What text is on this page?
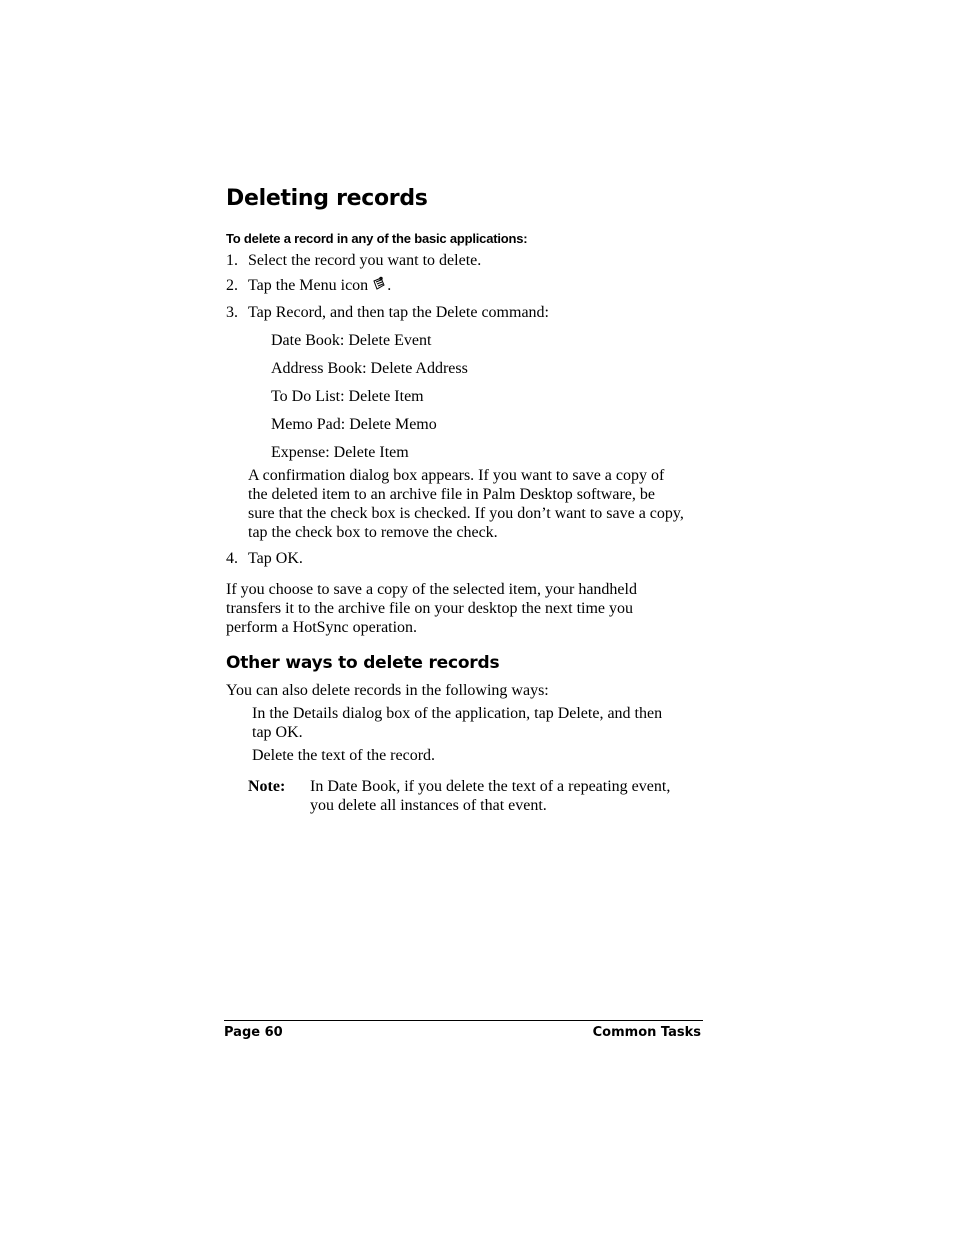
Deleting records
To delete a record in any of the basic applications:
1. Select the record you want to delete.
2. Tap the Menu icon .
3. Tap Record, and then tap the Delete command:
Date Book: Delete Event
Address Book: Delete Address
To Do List: Delete Item
Memo Pad: Delete Memo
Expense: Delete Item
A confirmation dialog box appears. If you want to save a copy of
the deleted item to an archive file in Palm Desktop software, be
sure that the check box is checked. If you don’t want to save a copy,
tap the check box to remove the check.
4. Tap OK.
If you choose to save a copy of the selected item, your handheld
transfers it to the archive file on your desktop the next time you
perform a HotSync operation.
Other ways to delete records
You can also delete records in the following ways:
In the Details dialog box of the application, tap Delete, and then
tap OK.
Delete the text of the record.
Note: In Date Book, if you delete the text of a repeating event,
you delete all instances of that event.
Page 60	Common Tasks
